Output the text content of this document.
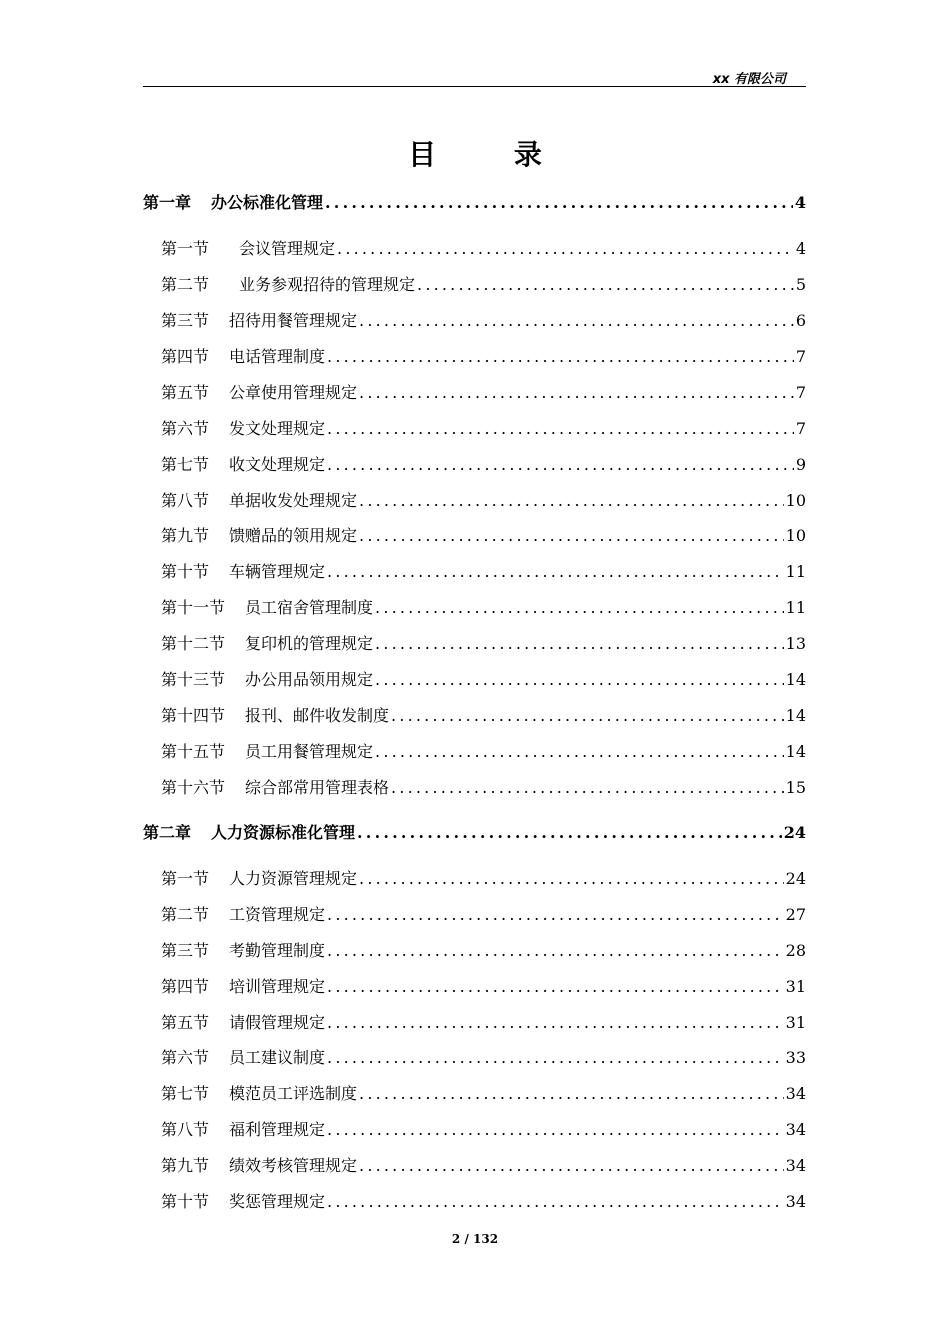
xx 有限公司
目 录
第一章 办公标准化管理 .....	4
第一节 会议管理规定 .....	4
第二节 业务参观招待的管理规定 .....	5
第三节 招待用餐管理规定 .....	6
第四节 电话管理制度 .....	7
第五节 公章使用管理规定 .....	7
第六节 发文处理规定 .....	7
第七节 收文处理规定 .....	9
第八节 单据收发处理规定 .....	10
第九节 馈赠品的领用规定 .....	10
第十节 车辆管理规定 .....	11
第十一节 员工宿舍管理制度 .....	11
第十二节 复印机的管理规定 .....	13
第十三节 办公用品领用规定 .....	14
第十四节 报刊、邮件收发制度 .....	14
第十五节 员工用餐管理规定 .....	14
第十六节 综合部常用管理表格 .....	15
第二章 人力资源标准化管理 .....	24
第一节 人力资源管理规定 .....	24
第二节 工资管理规定 .....	27
第三节 考勤管理制度 .....	28
第四节 培训管理规定 .....	31
第五节 请假管理规定 .....	31
第六节 员工建议制度 .....	33
第七节 模范员工评选制度 .....	34
第八节 福利管理规定 .....	34
第九节 绩效考核管理规定 .....	34
第十节 奖惩管理规定 .....	34
2 / 132
